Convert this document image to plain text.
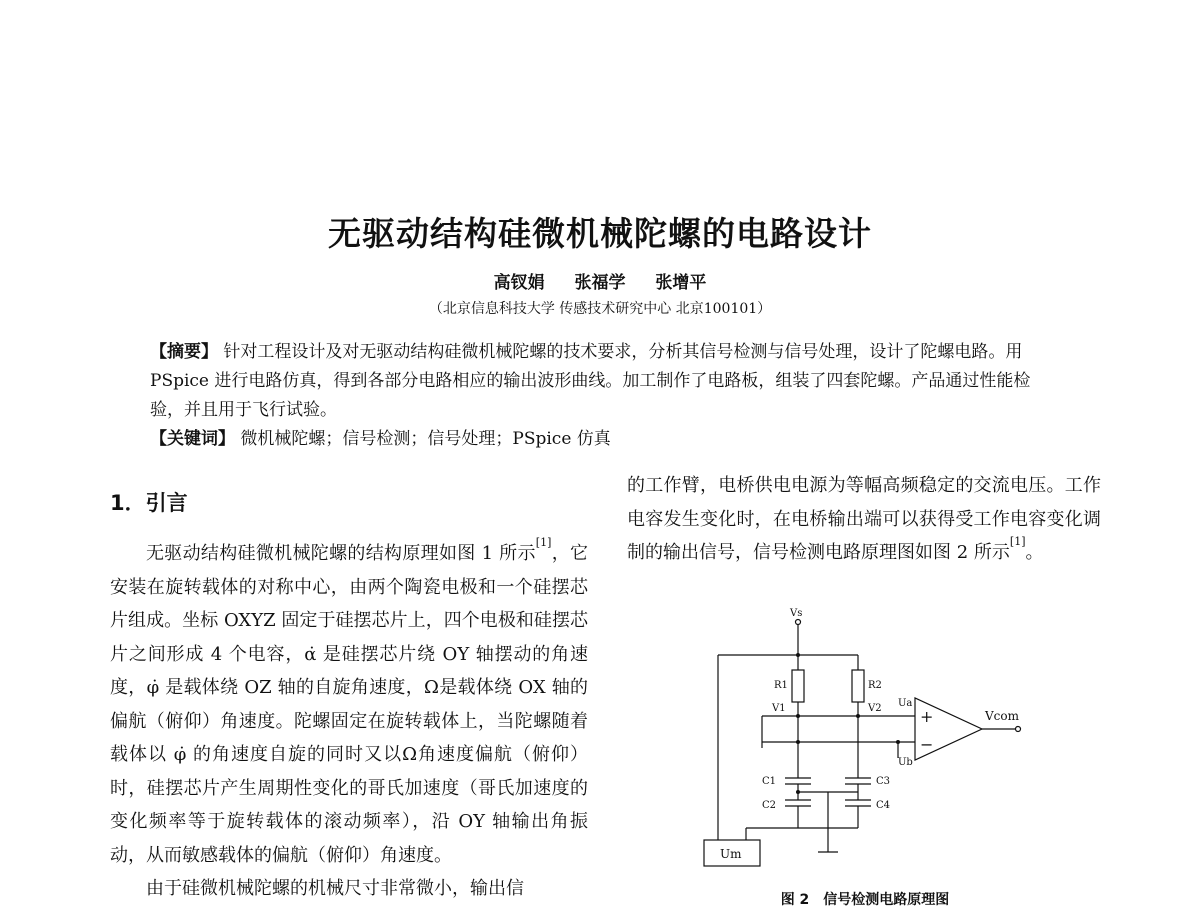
无驱动结构硅微机械陀螺的电路设计
高钗娟 张福学 张增平
（北京信息科技大学 传感技术研究中心 北京100101）
【摘要】 针对工程设计及对无驱动结构硅微机械陀螺的技术要求，分析其信号检测与信号处理，设计了陀螺电路。用 PSpice 进行电路仿真，得到各部分电路相应的输出波形曲线。加工制作了电路板，组装了四套陀螺。产品通过性能检验，并且用于飞行试验。
【关键词】 微机械陀螺；信号检测；信号处理；PSpice 仿真
1．引言

无驱动结构硅微机械陀螺的结构原理如图 1 所示[1]，它安装在旋转载体的对称中心，由两个陶瓷电极和一个硅摆芯片组成。坐标 OXYZ 固定于硅摆芯片上，四个电极和硅摆芯片之间形成 4 个电容，α̇ 是硅摆芯片绕 OY 轴摆动的角速度，φ̇ 是载体绕 OZ 轴的自旋角速度，Ω是载体绕 OX 轴的偏航（俯仰）角速度。陀螺固定在旋转载体上，当陀螺随着载体以 φ̇ 的角速度自旋的同时又以Ω角速度偏航（俯仰）时，硅摆芯片产生周期性变化的哥氏加速度（哥氏加速度的变化频率等于旋转载体的滚动频率），沿 OY 轴输出角振动，从而敏感载体的偏航（俯仰）角速度。

由于硅微机械陀螺的机械尺寸非常微小，输出信

的工作臂，电桥供电电源为等幅高频稳定的交流电压。工作电容发生变化时，在电桥输出端可以获得受工作电容变化调制的输出信号，信号检测电路原理图如图 2 所示[1]。
Vs
R1	R2
V1	V2 Ua
Ub
Vcom
C1
C2
C3
C4
Um
+
−
图 2　信号检测电路原理图
